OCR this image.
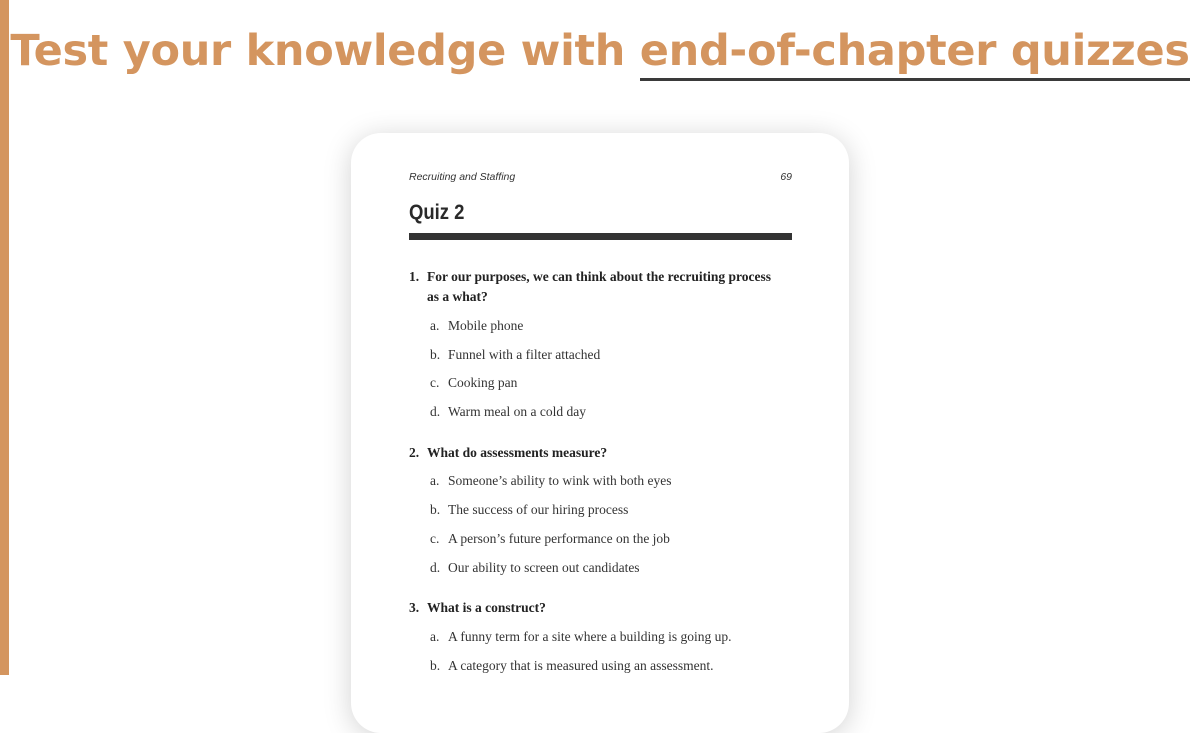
Test your knowledge with end-of-chapter quizzes
Recruiting and Staffing	69
Quiz 2
1. For our purposes, we can think about the recruiting process
as a what?
a. Mobile phone
b. Funnel with a filter attached
c. Cooking pan
d. Warm meal on a cold day
2. What do assessments measure?
a. Someone’s ability to wink with both eyes
b. The success of our hiring process
c. A person’s future performance on the job
d. Our ability to screen out candidates
3. What is a construct?
a. A funny term for a site where a building is going up.
b. A category that is measured using an assessment.
